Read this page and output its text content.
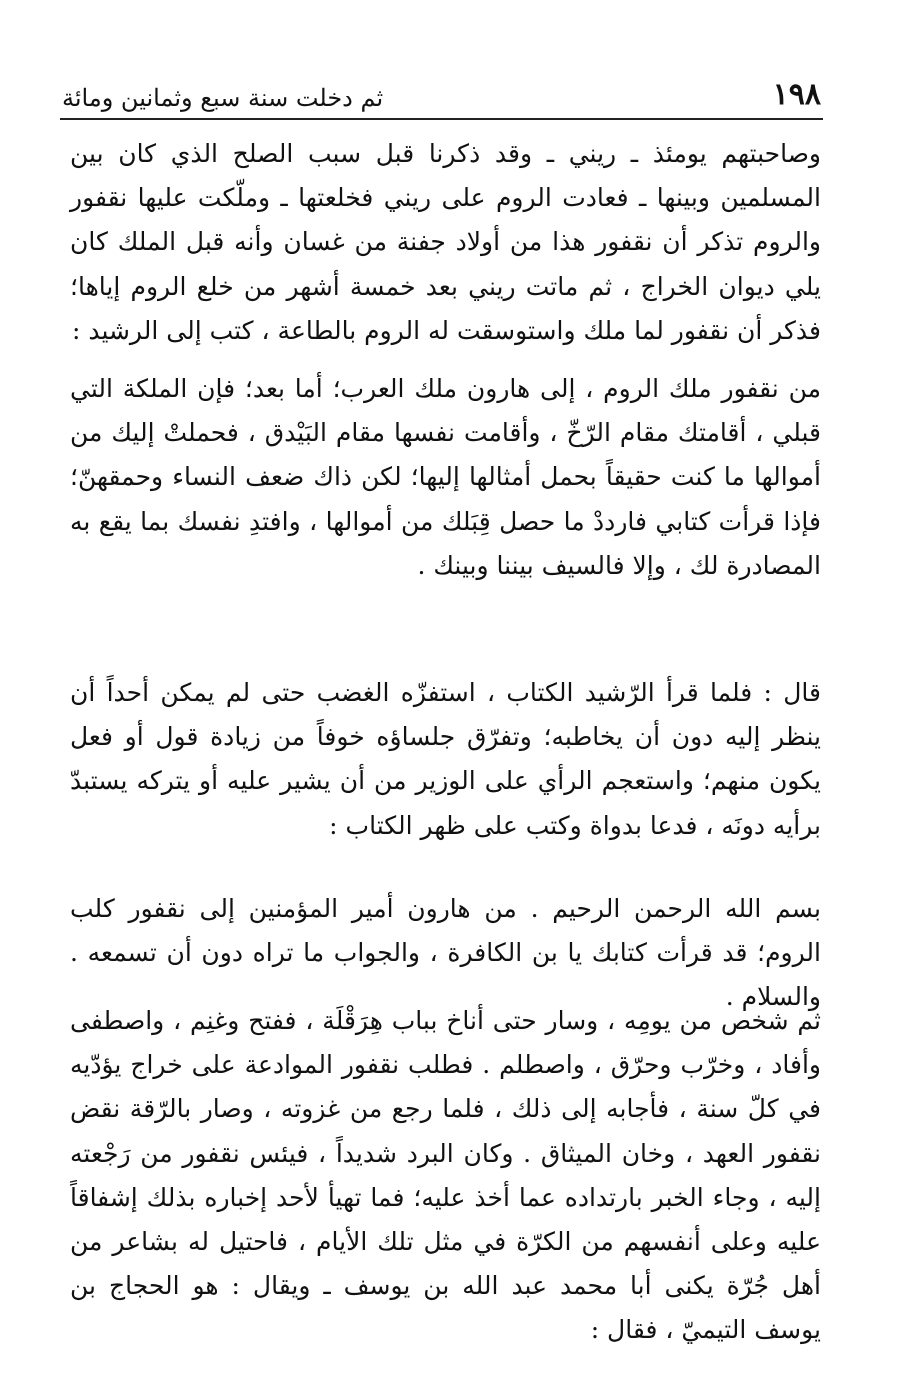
١٩٨
ثم دخلت سنة سبع وثمانين ومائة

وصاحبتهم يومئذ ـ ريني ـ وقد ذكرنا قبل سبب الصلح الذي كان بين المسلمين وبينها ـ فعادت الروم على ريني فخلعتها ـ وملّكت عليها نقفور والروم تذكر أن نقفور هذا من أولاد جفنة من غسان وأنه قبل الملك كان يلي ديوان الخراج ، ثم ماتت ريني بعد خمسة أشهر من خلع الروم إياها؛ فذكر أن نقفور لما ملك واستوسقت له الروم بالطاعة ، كتب إلى الرشيد :

من نقفور ملك الروم ، إلى هارون ملك العرب؛ أما بعد؛ فإن الملكة التي قبلي ، أقامتك مقام الرّخّ ، وأقامت نفسها مقام البَيْدق ، فحملتْ إليك من أموالها ما كنت حقيقاً بحمل أمثالها إليها؛ لكن ذاك ضعف النساء وحمقهنّ؛ فإذا قرأت كتابي فارددْ ما حصل قِبَلك من أموالها ، وافتدِ نفسك بما يقع به المصادرة لك ، وإلا فالسيف بيننا وبينك .

قال : فلما قرأ الرّشيد الكتاب ، استفزّه الغضب حتى لم يمكن أحداً أن ينظر إليه دون أن يخاطبه؛ وتفرّق جلساؤه خوفاً من زيادة قول أو فعل يكون منهم؛ واستعجم الرأي على الوزير من أن يشير عليه أو يتركه يستبدّ برأيه دونَه ، فدعا بدواة وكتب على ظهر الكتاب :

بسم الله الرحمن الرحيم . من هارون أمير المؤمنين إلى نقفور كلب الروم؛ قد قرأت كتابك يا بن الكافرة ، والجواب ما تراه دون أن تسمعه . والسلام .

ثم شخص من يومِه ، وسار حتى أناخ بباب هِرَقْلَة ، ففتح وغنِم ، واصطفى وأفاد ، وخرّب وحرّق ، واصطلم . فطلب نقفور الموادعة على خراج يؤدّيه في كلّ سنة ، فأجابه إلى ذلك ، فلما رجع من غزوته ، وصار بالرّقة نقض نقفور العهد ، وخان الميثاق . وكان البرد شديداً ، فيئس نقفور من رَجْعته إليه ، وجاء الخبر بارتداده عما أخذ عليه؛ فما تهيأ لأحد إخباره بذلك إشفاقاً عليه وعلى أنفسهم من الكرّة في مثل تلك الأيام ، فاحتيل له بشاعر من أهل جُرّة يكنى أبا محمد عبد الله بن يوسف ـ ويقال : هو الحجاج بن يوسف التيميّ ، فقال :
